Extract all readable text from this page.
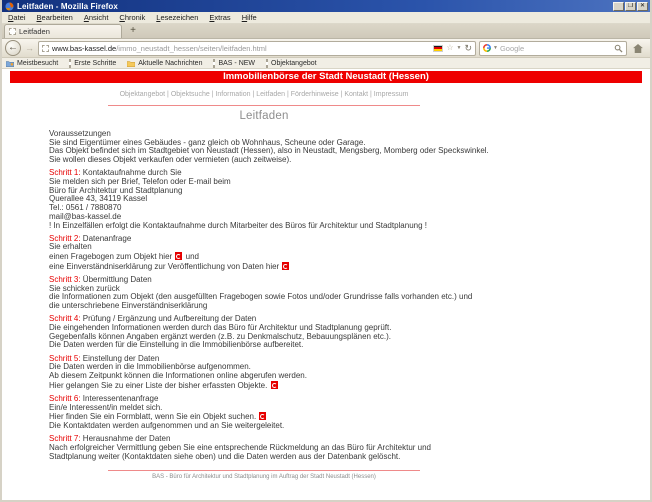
Leitfaden - Mozilla Firefox	_	❐	✕
Datei Bearbeiten Ansicht Chronik Lesezeichen Extras Hilfe
Leitfaden	+
← → www.bas-kassel.de/immo_neustadt_hessen/seiten/leitfaden.html	☆ ▼ ↻	▼ Google
Meistbesucht Erste Schritte	Aktuelle Nachrichten BAS - NEW Objektangebot
Immobilienbörse der Stadt Neustadt (Hessen)
Objektangebot | Objektsuche | Information | Leitfaden | Förderhinweise | Kontakt | Impressum
Leitfaden
Voraussetzungen
Sie sind Eigentümer eines Gebäudes - ganz gleich ob Wohnhaus, Scheune oder Garage.
Das Objekt befindet sich im Stadtgebiet von Neustadt (Hessen), also in Neustadt, Mengsberg, Momberg oder Speckswinkel.
Sie wollen dieses Objekt verkaufen oder vermieten (auch zeitweise).
Schritt 1: Kontaktaufnahme durch Sie
Sie melden sich per Brief, Telefon oder E-mail beim
Büro für Architektur und Stadtplanung
Querallee 43, 34119 Kassel
Tel.: 0561 / 7880870
mail@bas-kassel.de
! In Einzelfällen erfolgt die Kontaktaufnahme durch Mitarbeiter des Büros für Architektur und Stadtplanung !
Schritt 2: Datenanfrage
Sie erhalten
einen Fragebogen zum Objekt hier  und
eine Einverständniserklärung zur Veröffentlichung von Daten hier
Schritt 3: Übermittlung Daten
Sie schicken zurück
die Informationen zum Objekt (den ausgefüllten Fragebogen sowie Fotos und/oder Grundrisse falls vorhanden etc.) und
die unterschriebene Einverständniserklärung
Schritt 4: Prüfung / Ergänzung und Aufbereitung der Daten
Die eingehenden Informationen werden durch das Büro für Architektur und Stadtplanung geprüft.
Gegebenfalls können Angaben ergänzt werden (z.B. zu Denkmalschutz, Bebauungsplänen etc.).
Die Daten werden für die Einstellung in die Immobilienbörse aufbereitet.
Schritt 5: Einstellung der Daten
Die Daten werden in die Immobilienbörse aufgenommen.
Ab diesem Zeitpunkt können die Informationen online abgerufen werden.
Hier gelangen Sie zu einer Liste der bisher erfassten Objekte.
Schritt 6: Interessentenanfrage
Ein/e Interessent/in meldet sich.
Hier finden Sie ein Formblatt, wenn Sie ein Objekt suchen.
Die Kontaktdaten werden aufgenommen und an Sie weitergeleitet.
Schritt 7: Herausnahme der Daten
Nach erfolgreicher Vermittlung geben Sie eine entsprechende Rückmeldung an das Büro für Architektur und
Stadtplanung weiter (Kontaktdaten siehe oben) und die Daten werden aus der Datenbank gelöscht.
BAS - Büro für Architektur und Stadtplanung im Auftrag der Stadt Neustadt (Hessen)
